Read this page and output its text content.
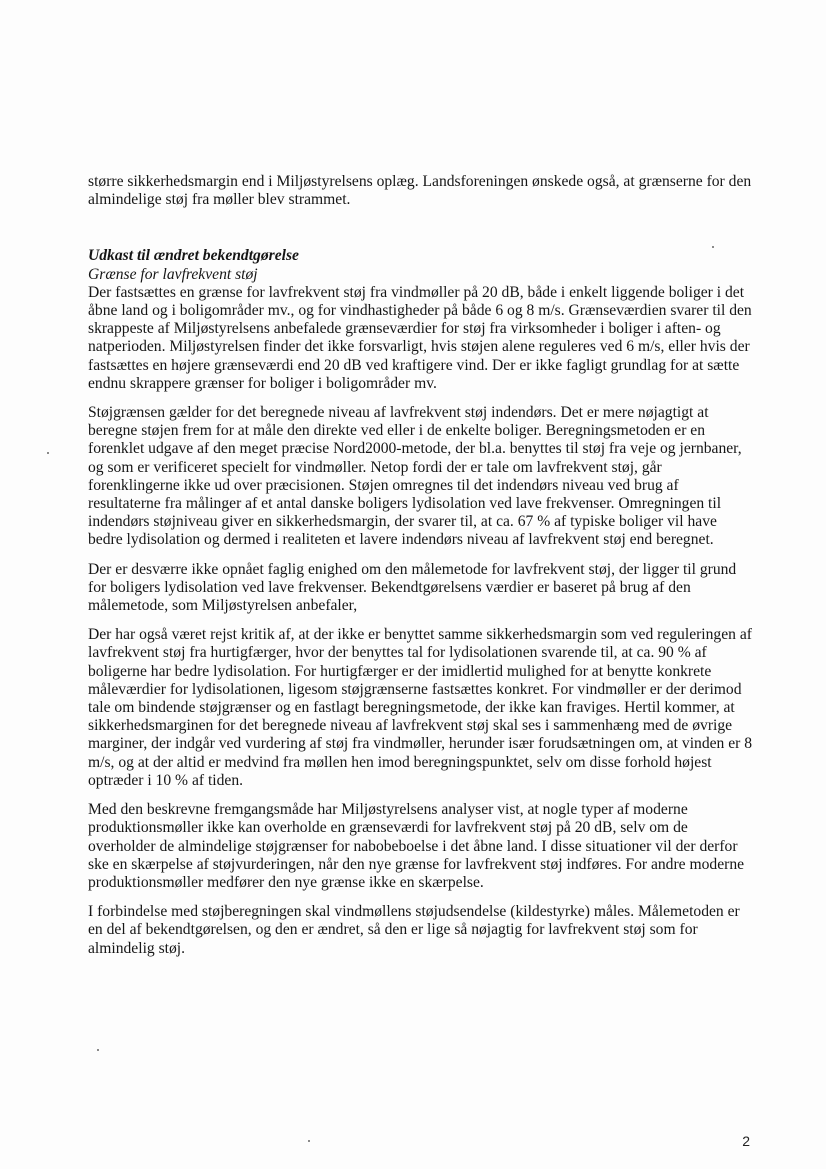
større sikkerhedsmargin end i Miljøstyrelsens oplæg. Landsforeningen ønskede også, at grænserne for den almindelige støj fra møller blev strammet.

Udkast til ændret bekendtgørelse
Grænse for lavfrekvent støj

Der fastsættes en grænse for lavfrekvent støj fra vindmøller på 20 dB, både i enkelt liggende boliger i det åbne land og i boligområder mv., og for vindhastigheder på både 6 og 8 m/s. Grænseværdien svarer til den skrappeste af Miljøstyrelsens anbefalede grænseværdier for støj fra virksomheder i boliger i aften- og natperioden. Miljøstyrelsen finder det ikke forsvarligt, hvis støjen alene reguleres ved 6 m/s, eller hvis der fastsættes en højere grænseværdi end 20 dB ved kraftigere vind. Der er ikke fagligt grundlag for at sætte endnu skrappere grænser for boliger i boligområder mv.

Støjgrænsen gælder for det beregnede niveau af lavfrekvent støj indendørs. Det er mere nøjagtigt at beregne støjen frem for at måle den direkte ved eller i de enkelte boliger. Beregningsmetoden er en forenklet udgave af den meget præcise Nord2000-metode, der bl.a. benyttes til støj fra veje og jernbaner, og som er verificeret specielt for vindmøller. Netop fordi der er tale om lavfrekvent støj, går forenklingerne ikke ud over præcisionen. Støjen omregnes til det indendørs niveau ved brug af resultaterne fra målinger af et antal danske boligers lydisolation ved lave frekvenser. Omregningen til indendørs støjniveau giver en sikkerhedsmargin, der svarer til, at ca. 67 % af typiske boliger vil have bedre lydisolation og dermed i realiteten et lavere indendørs niveau af lavfrekvent støj end beregnet.

Der er desværre ikke opnået faglig enighed om den målemetode for lavfrekvent støj, der ligger til grund for boligers lydisolation ved lave frekvenser. Bekendtgørelsens værdier er baseret på brug af den målemetode, som Miljøstyrelsen anbefaler,

Der har også været rejst kritik af, at der ikke er benyttet samme sikkerhedsmargin som ved reguleringen af lavfrekvent støj fra hurtigfærger, hvor der benyttes tal for lydisolationen svarende til, at ca. 90 % af boligerne har bedre lydisolation. For hurtigfærger er der imidlertid mulighed for at benytte konkrete måleværdier for lydisolationen, ligesom støjgrænserne fastsættes konkret. For vindmøller er der derimod tale om bindende støjgrænser og en fastlagt beregningsmetode, der ikke kan fraviges. Hertil kommer, at sikkerhedsmarginen for det beregnede niveau af lavfrekvent støj skal ses i sammenhæng med de øvrige marginer, der indgår ved vurdering af støj fra vindmøller, herunder især forudsætningen om, at vinden er 8 m/s, og at der altid er medvind fra møllen hen imod beregningspunktet, selv om disse forhold højest optræder i 10 % af tiden.

Med den beskrevne fremgangsmåde har Miljøstyrelsens analyser vist, at nogle typer af moderne produktionsmøller ikke kan overholde en grænseværdi for lavfrekvent støj på 20 dB, selv om de overholder de almindelige støjgrænser for nabobeboelse i det åbne land. I disse situationer vil der derfor ske en skærpelse af støjvurderingen, når den nye grænse for lavfrekvent støj indføres. For andre moderne produktionsmøller medfører den nye grænse ikke en skærpelse.

I forbindelse med støjberegningen skal vindmøllens støjudsendelse (kildestyrke) måles. Målemetoden er en del af bekendtgørelsen, og den er ændret, så den er lige så nøjagtig for lavfrekvent støj som for almindelig støj.

2
